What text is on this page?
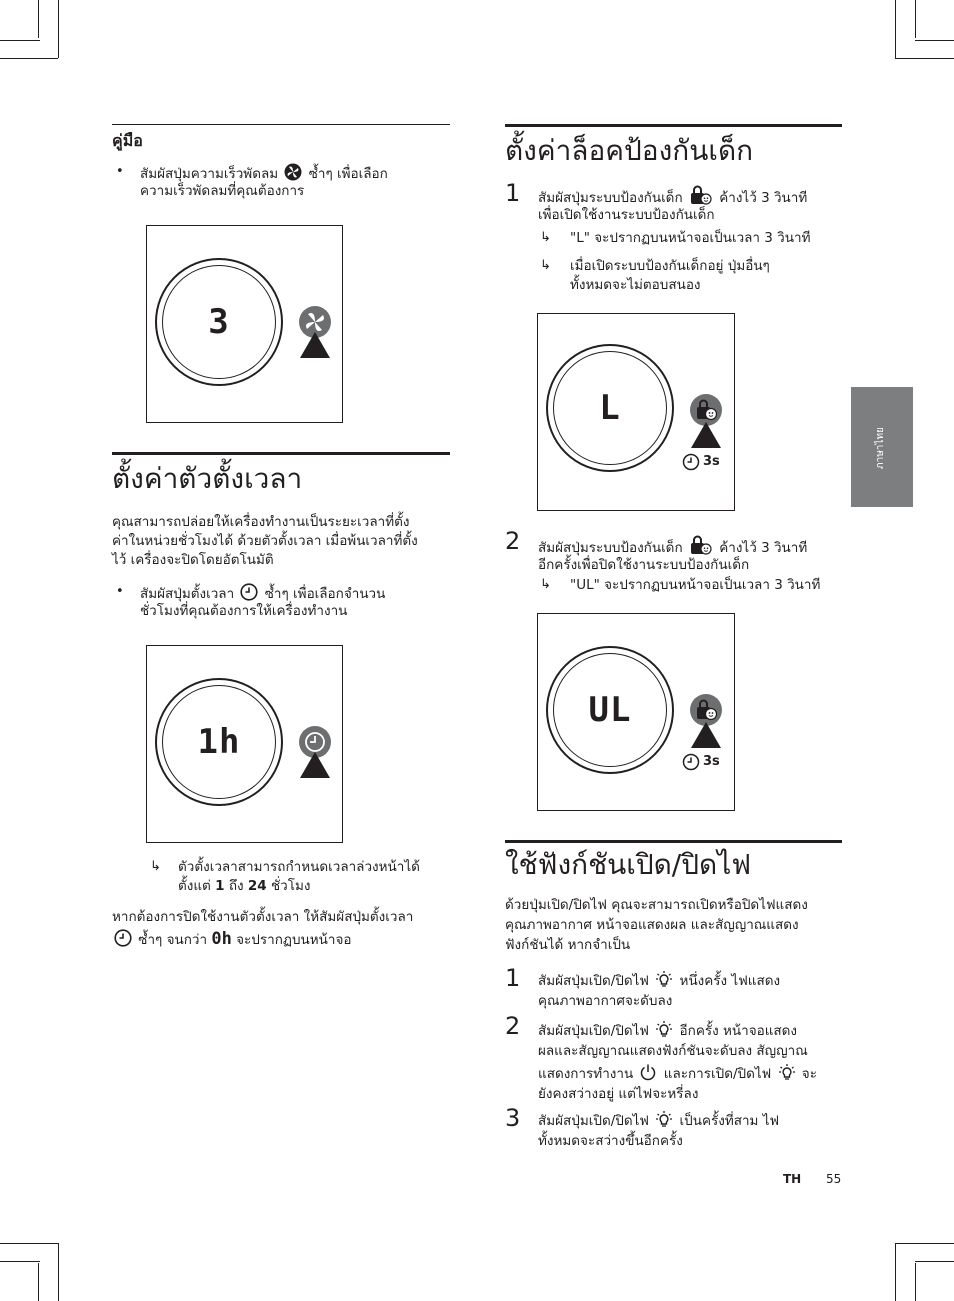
ภาษาไทย
คู่มือ
• สัมผัสปุ่มความเร็วพัดลม ซ้ำๆ เพื่อเลือก
ความเร็วพัดลมที่คุณต้องการ
3
ตั้งค่าตัวตั้งเวลา
คุณสามารถปล่อยให้เครื่องทำงานเป็นระยะเวลาที่ตั้ง
ค่าในหน่วยชั่วโมงได้ ด้วยตัวตั้งเวลา เมื่อพ้นเวลาที่ตั้ง
ไว้ เครื่องจะปิดโดยอัตโนมัติ
• สัมผัสปุ่มตั้งเวลา ซ้ำๆ เพื่อเลือกจำนวน
ชั่วโมงที่คุณต้องการให้เครื่องทำงาน
1h
↳ ตัวตั้งเวลาสามารถกำหนดเวลาล่วงหน้าได้
ตั้งแต่ 1 ถึง 24 ชั่วโมง
หากต้องการปิดใช้งานตัวตั้งเวลา ให้สัมผัสปุ่มตั้งเวลา
ซ้ำๆ จนกว่า 0h จะปรากฏบนหน้าจอ
ตั้งค่าล็อคป้องกันเด็ก
1 สัมผัสปุ่มระบบป้องกันเด็ก	ค้างไว้ 3 วินาที
เพื่อเปิดใช้งานระบบป้องกันเด็ก
↳ "L" จะปรากฏบนหน้าจอเป็นเวลา 3 วินาที
↳ เมื่อเปิดระบบป้องกันเด็กอยู่ ปุ่มอื่นๆ
ทั้งหมดจะไม่ตอบสนอง
L
3s
2 สัมผัสปุ่มระบบป้องกันเด็ก	ค้างไว้ 3 วินาที
อีกครั้งเพื่อปิดใช้งานระบบป้องกันเด็ก
↳ "UL" จะปรากฏบนหน้าจอเป็นเวลา 3 วินาที
UL
3s
ใช้ฟังก์ชันเปิด/ปิดไฟ
ด้วยปุ่มเปิด/ปิดไฟ คุณจะสามารถเปิดหรือปิดไฟแสดง
คุณภาพอากาศ หน้าจอแสดงผล และสัญญาณแสดง
ฟังก์ชันได้ หากจำเป็น
1 สัมผัสปุ่มเปิด/ปิดไฟ หนึ่งครั้ง ไฟแสดง
คุณภาพอากาศจะดับลง
2 สัมผัสปุ่มเปิด/ปิดไฟ อีกครั้ง หน้าจอแสดง
ผลและสัญญาณแสดงฟังก์ชันจะดับลง สัญญาณ
แสดงการทำงาน และการเปิด/ปิดไฟ จะ
ยังคงสว่างอยู่ แต่ไฟจะหรี่ลง
3 สัมผัสปุ่มเปิด/ปิดไฟ เป็นครั้งที่สาม ไฟ
ทั้งหมดจะสว่างขึ้นอีกครั้ง
TH 55
